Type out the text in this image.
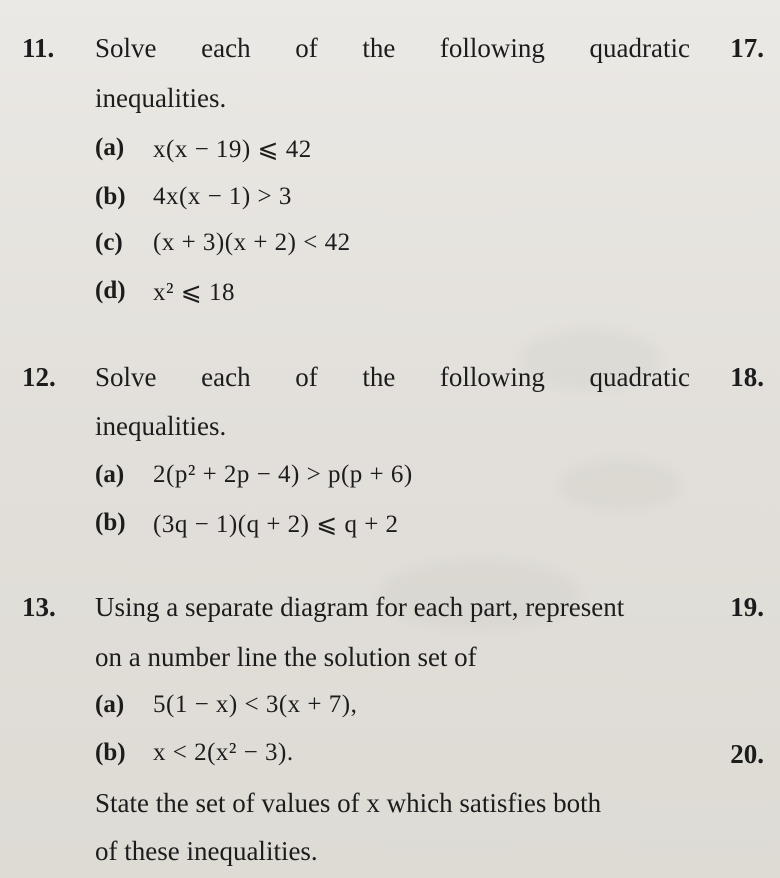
11. Solve each of the following quadratic 17.
inequalities.
(a) x(x − 19) ⩽ 42
(b) 4x(x − 1) > 3
(c) (x + 3)(x + 2) < 42
(d) x² ⩽ 18
12. Solve each of the following quadratic 18.
inequalities.
(a) 2(p² + 2p − 4) > p(p + 6)
(b) (3q − 1)(q + 2) ⩽ q + 2
13. Using a separate diagram for each part, represent	19.
on a number line the solution set of
(a) 5(1 − x) < 3(x + 7),
(b) x < 2(x² − 3).	20.
State the set of values of x which satisfies both
of these inequalities.
